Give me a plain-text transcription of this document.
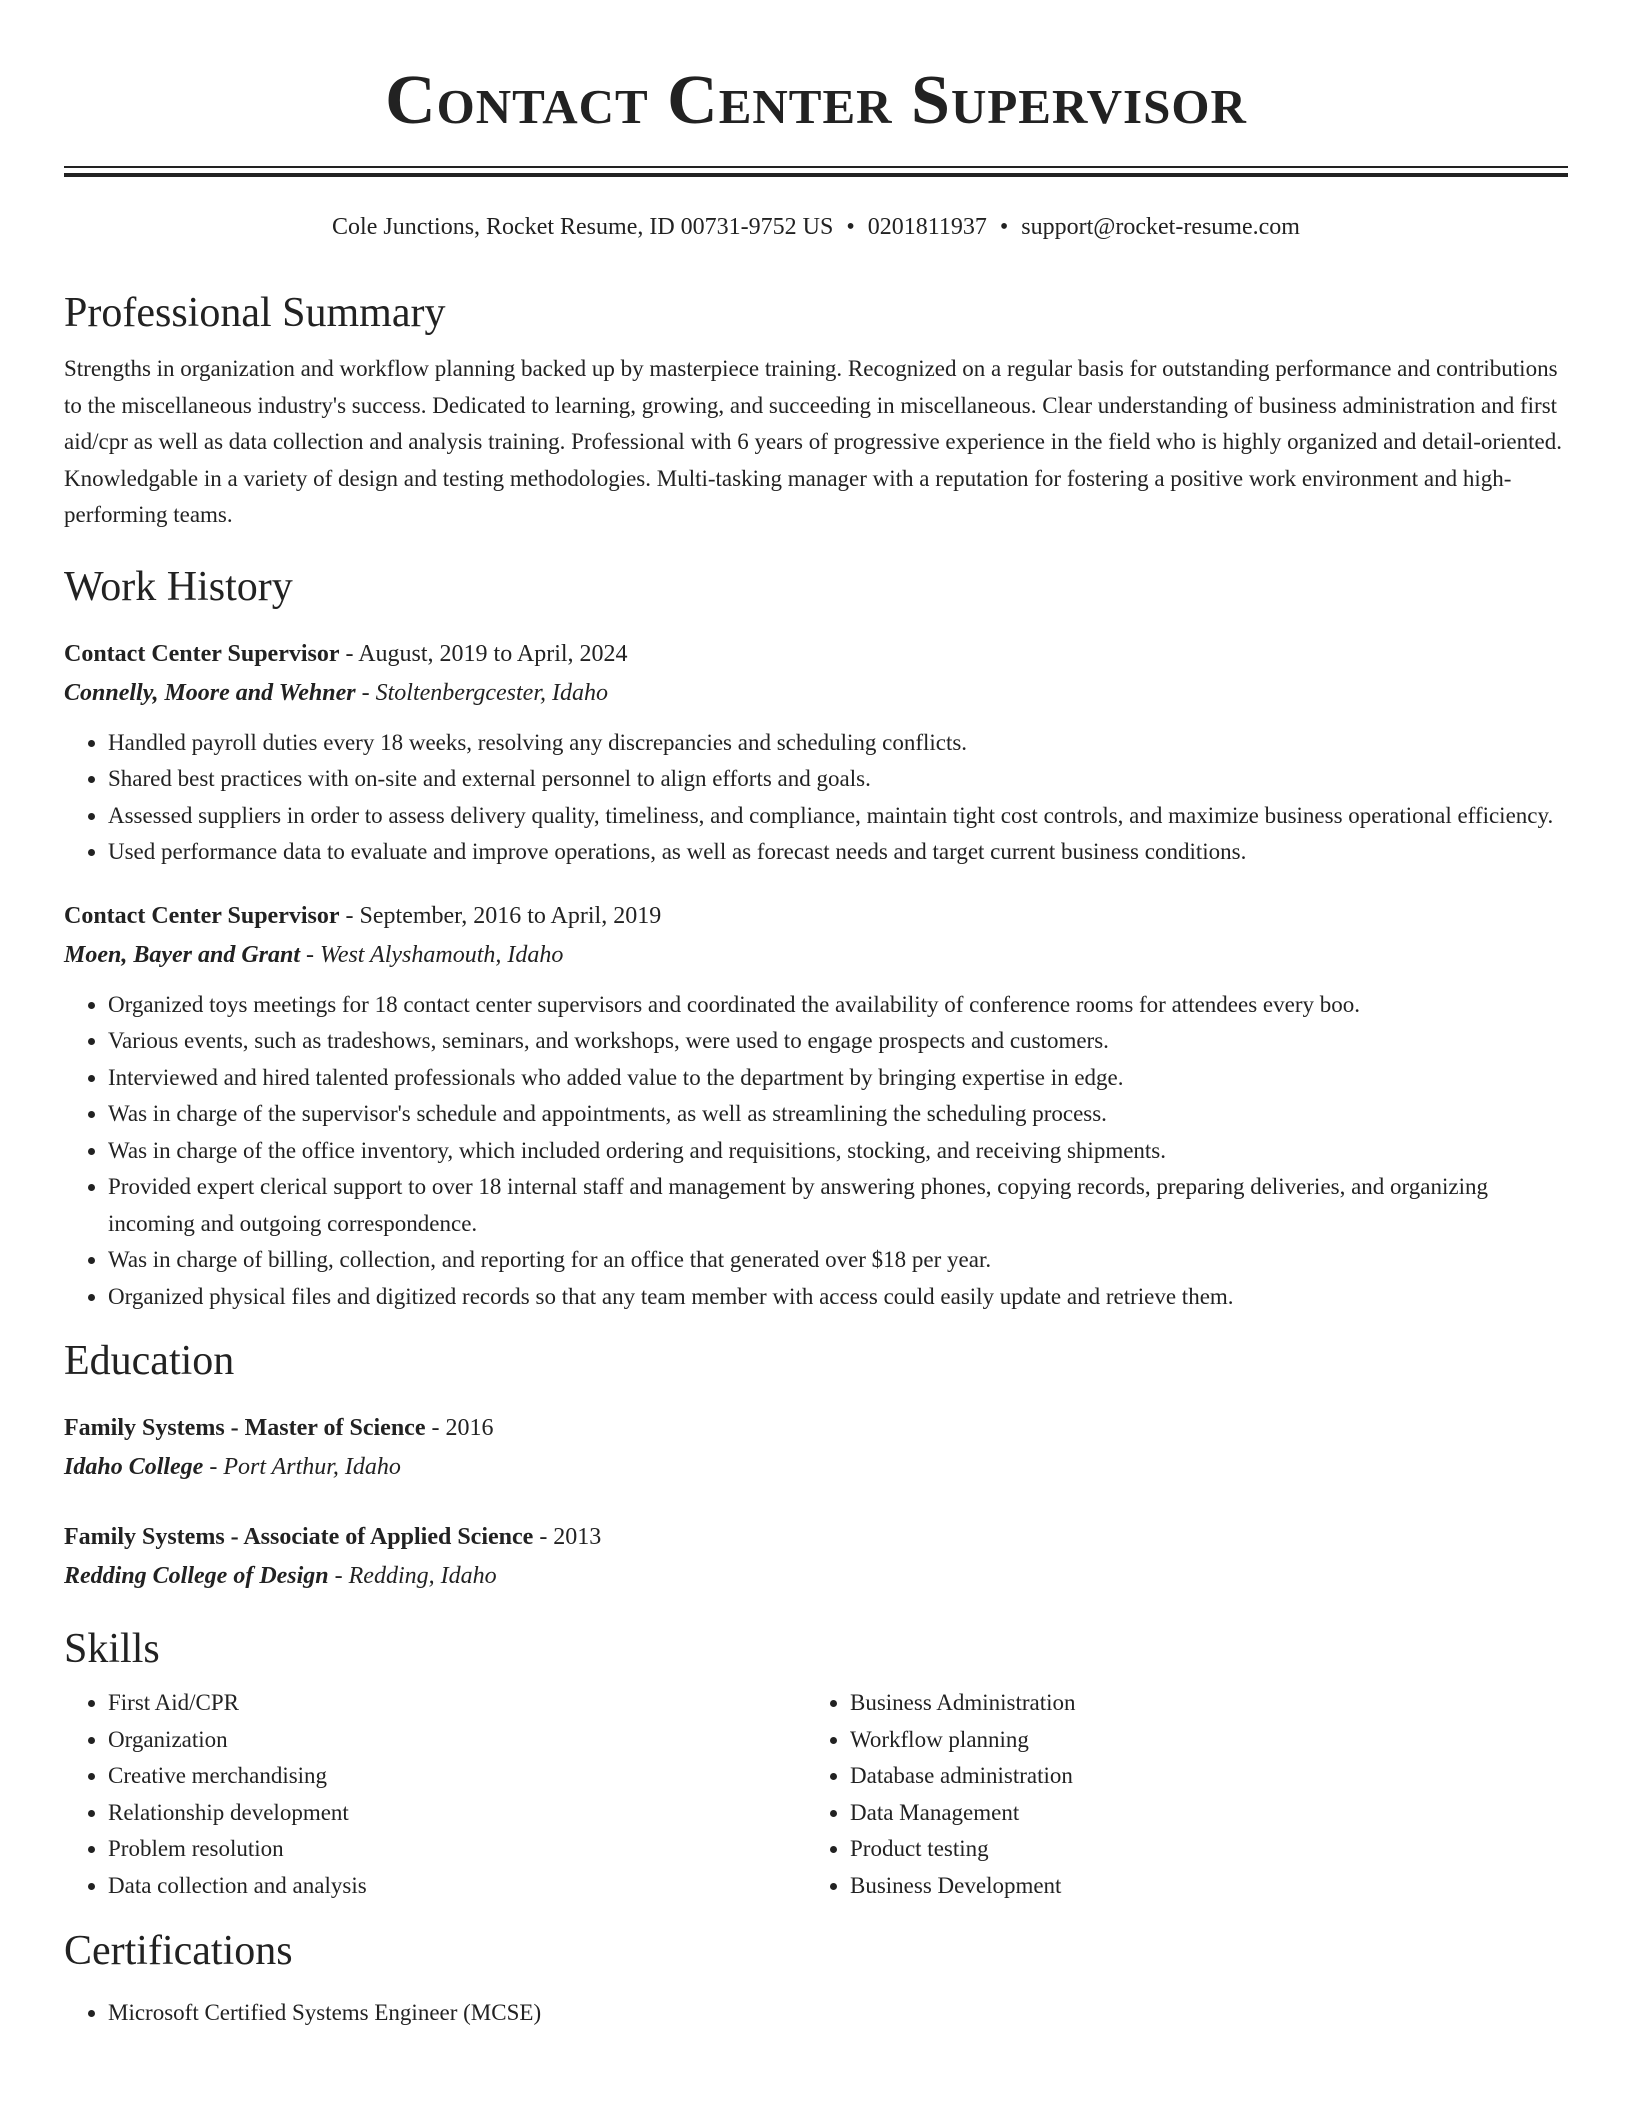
Contact Center Supervisor
Cole Junctions, Rocket Resume, ID 00731-9752 US • 0201811937 • support@rocket-resume.com
Professional Summary
Strengths in organization and workflow planning backed up by masterpiece training. Recognized on a regular basis for outstanding performance and contributions to the miscellaneous industry's success. Dedicated to learning, growing, and succeeding in miscellaneous. Clear understanding of business administration and first aid/cpr as well as data collection and analysis training. Professional with 6 years of progressive experience in the field who is highly organized and detail-oriented. Knowledgable in a variety of design and testing methodologies. Multi-tasking manager with a reputation for fostering a positive work environment and high-performing teams.
Work History
Contact Center Supervisor - August, 2019 to April, 2024
Connelly, Moore and Wehner - Stoltenbergcester, Idaho
• Handled payroll duties every 18 weeks, resolving any discrepancies and scheduling conflicts.
• Shared best practices with on-site and external personnel to align efforts and goals.
• Assessed suppliers in order to assess delivery quality, timeliness, and compliance, maintain tight cost controls, and maximize business operational efficiency.
• Used performance data to evaluate and improve operations, as well as forecast needs and target current business conditions.
Contact Center Supervisor - September, 2016 to April, 2019
Moen, Bayer and Grant - West Alyshamouth, Idaho
• Organized toys meetings for 18 contact center supervisors and coordinated the availability of conference rooms for attendees every boo.
• Various events, such as tradeshows, seminars, and workshops, were used to engage prospects and customers.
• Interviewed and hired talented professionals who added value to the department by bringing expertise in edge.
• Was in charge of the supervisor's schedule and appointments, as well as streamlining the scheduling process.
• Was in charge of the office inventory, which included ordering and requisitions, stocking, and receiving shipments.
• Provided expert clerical support to over 18 internal staff and management by answering phones, copying records, preparing deliveries, and organizing incoming and outgoing correspondence.
• Was in charge of billing, collection, and reporting for an office that generated over $18 per year.
• Organized physical files and digitized records so that any team member with access could easily update and retrieve them.
Education
Family Systems - Master of Science - 2016
Idaho College - Port Arthur, Idaho
Family Systems - Associate of Applied Science - 2013
Redding College of Design - Redding, Idaho
Skills
• First Aid/CPR
• Organization
• Creative merchandising
• Relationship development
• Problem resolution
• Data collection and analysis
• Business Administration
• Workflow planning
• Database administration
• Data Management
• Product testing
• Business Development
Certifications
• Microsoft Certified Systems Engineer (MCSE)
